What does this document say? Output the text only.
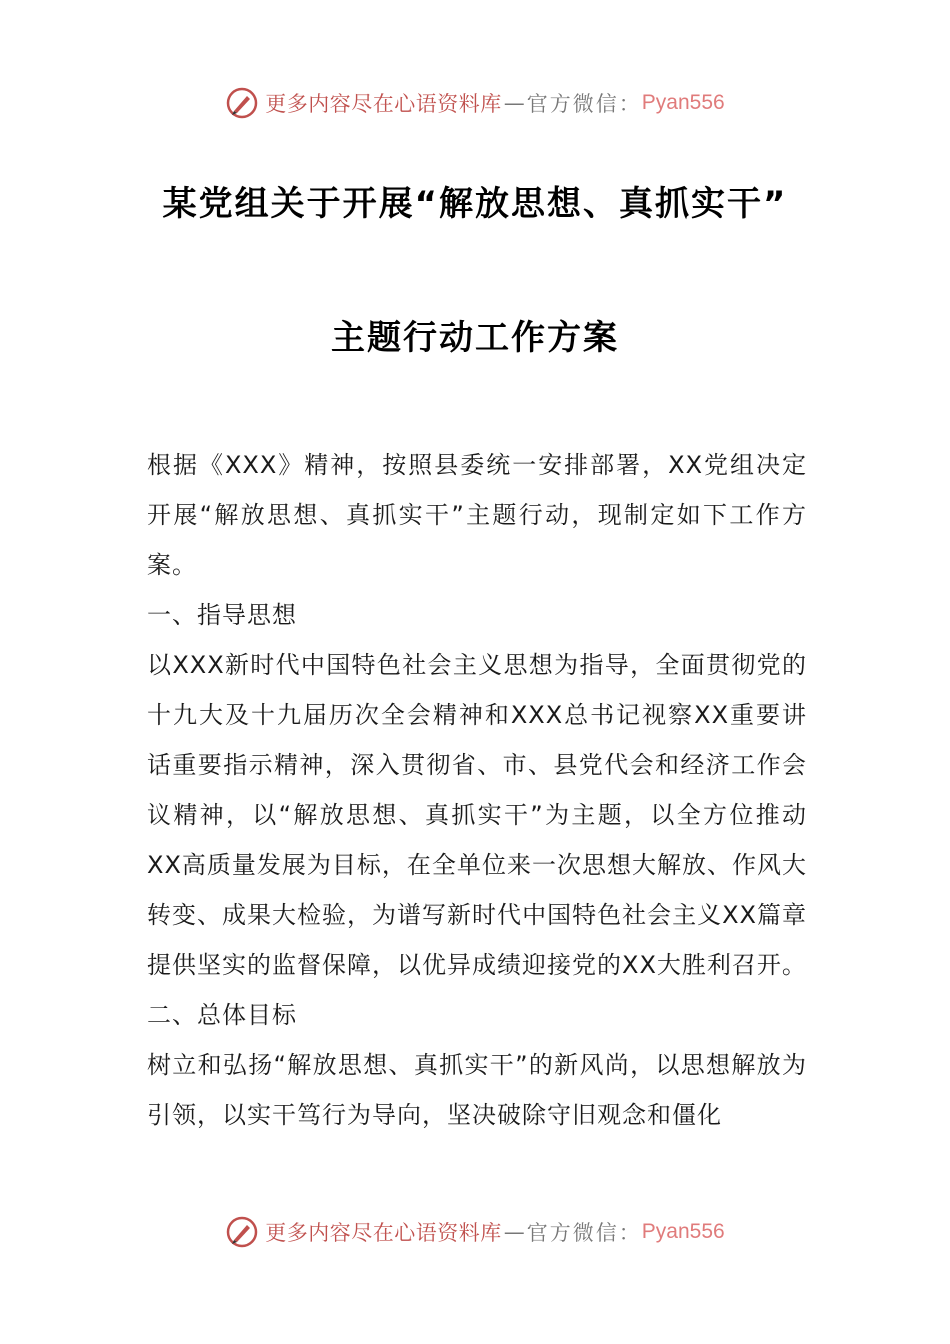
更多内容尽在心语资料库 — 官方微信： Pyan556
某党组关于开展“解放思想、真抓实干”
主题行动工作方案

根据《XXX》精神，按照县委统一安排部署，XX党组决定开展“解放思想、真抓实干”主题行动，现制定如下工作方案。

一、指导思想

以XXX新时代中国特色社会主义思想为指导，全面贯彻党的十九大及十九届历次全会精神和XXX总书记视察XX重要讲话重要指示精神，深入贯彻省、市、县党代会和经济工作会议精神，以“解放思想、真抓实干”为主题，以全方位推动XX高质量发展为目标，在全单位来一次思想大解放、作风大转变、成果大检验，为谱写新时代中国特色社会主义XX篇章提供坚实的监督保障，以优异成绩迎接党的XX大胜利召开。

二、总体目标

树立和弘扬“解放思想、真抓实干”的新风尚，以思想解放为引领，以实干笃行为导向，坚决破除守旧观念和僵化

更多内容尽在心语资料库 — 官方微信： Pyan556
